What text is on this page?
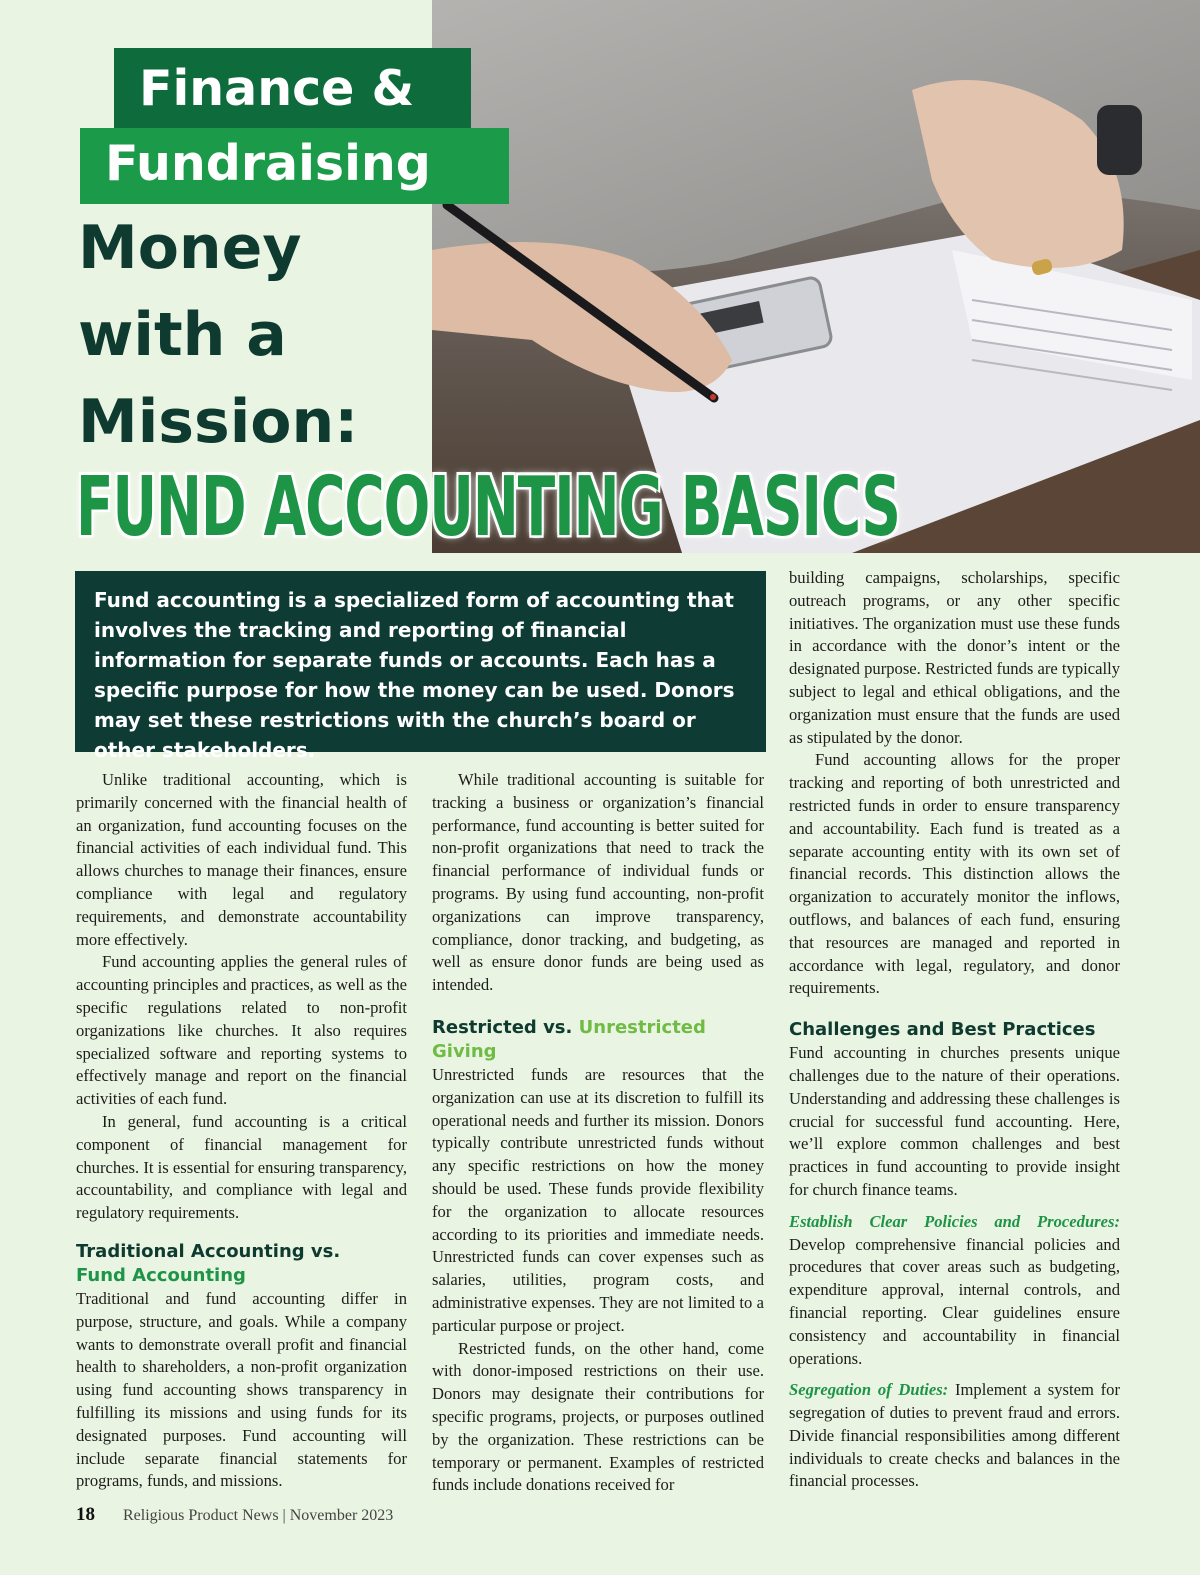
Finance &
Fundraising
Money
with a
Mission:
FUND ACCOUNTING BASICS

Fund accounting is a specialized form of accounting that involves the tracking and reporting of financial information for separate funds or accounts. Each has a specific purpose for how the money can be used. Donors may set these restrictions with the church’s board or other stakeholders.

Unlike traditional accounting, which is primarily concerned with the financial health of an organization, fund accounting focuses on the financial activities of each individual fund. This allows churches to manage their finances, ensure compliance with legal and regulatory requirements, and demonstrate accountability more effectively.

Fund accounting applies the general rules of accounting principles and practices, as well as the specific regulations related to non-profit organizations like churches. It also requires specialized software and reporting systems to effectively manage and report on the financial activities of each fund.

In general, fund accounting is a critical component of financial management for churches. It is essential for ensuring transparency, accountability, and compliance with legal and regulatory requirements.

Traditional Accounting vs.
Fund Accounting

Traditional and fund accounting differ in purpose, structure, and goals. While a company wants to demonstrate overall profit and financial health to shareholders, a non-profit organization using fund accounting shows transparency in fulfilling its missions and using funds for its designated purposes. Fund accounting will include separate financial statements for programs, funds, and missions.

While traditional accounting is suitable for tracking a business or organization’s financial performance, fund accounting is better suited for non-profit organizations that need to track the financial performance of individual funds or programs. By using fund accounting, non-profit organizations can improve transparency, compliance, donor tracking, and budgeting, as well as ensure donor funds are being used as intended.

Restricted vs. Unrestricted Giving

Unrestricted funds are resources that the organization can use at its discretion to fulfill its operational needs and further its mission. Donors typically contribute unrestricted funds without any specific restrictions on how the money should be used. These funds provide flexibility for the organization to allocate resources according to its priorities and immediate needs. Unrestricted funds can cover expenses such as salaries, utilities, program costs, and administrative expenses. They are not limited to a particular purpose or project.

Restricted funds, on the other hand, come with donor-imposed restrictions on their use. Donors may designate their contributions for specific programs, projects, or purposes outlined by the organization. These restrictions can be temporary or permanent. Examples of restricted funds include donations received for

building campaigns, scholarships, specific outreach programs, or any other specific initiatives. The organization must use these funds in accordance with the donor’s intent or the designated purpose. Restricted funds are typically subject to legal and ethical obligations, and the organization must ensure that the funds are used as stipulated by the donor.

Fund accounting allows for the proper tracking and reporting of both unrestricted and restricted funds in order to ensure transparency and accountability. Each fund is treated as a separate accounting entity with its own set of financial records. This distinction allows the organization to accurately monitor the inflows, outflows, and balances of each fund, ensuring that resources are managed and reported in accordance with legal, regulatory, and donor requirements.

Challenges and Best Practices

Fund accounting in churches presents unique challenges due to the nature of their operations. Understanding and addressing these challenges is crucial for successful fund accounting. Here, we’ll explore common challenges and best practices in fund accounting to provide insight for church finance teams.

Establish Clear Policies and Procedures: Develop comprehensive financial policies and procedures that cover areas such as budgeting, expenditure approval, internal controls, and financial reporting. Clear guidelines ensure consistency and accountability in financial operations.

Segregation of Duties: Implement a system for segregation of duties to prevent fraud and errors. Divide financial responsibilities among different individuals to create checks and balances in the financial processes.

18 Religious Product News | November 2023
